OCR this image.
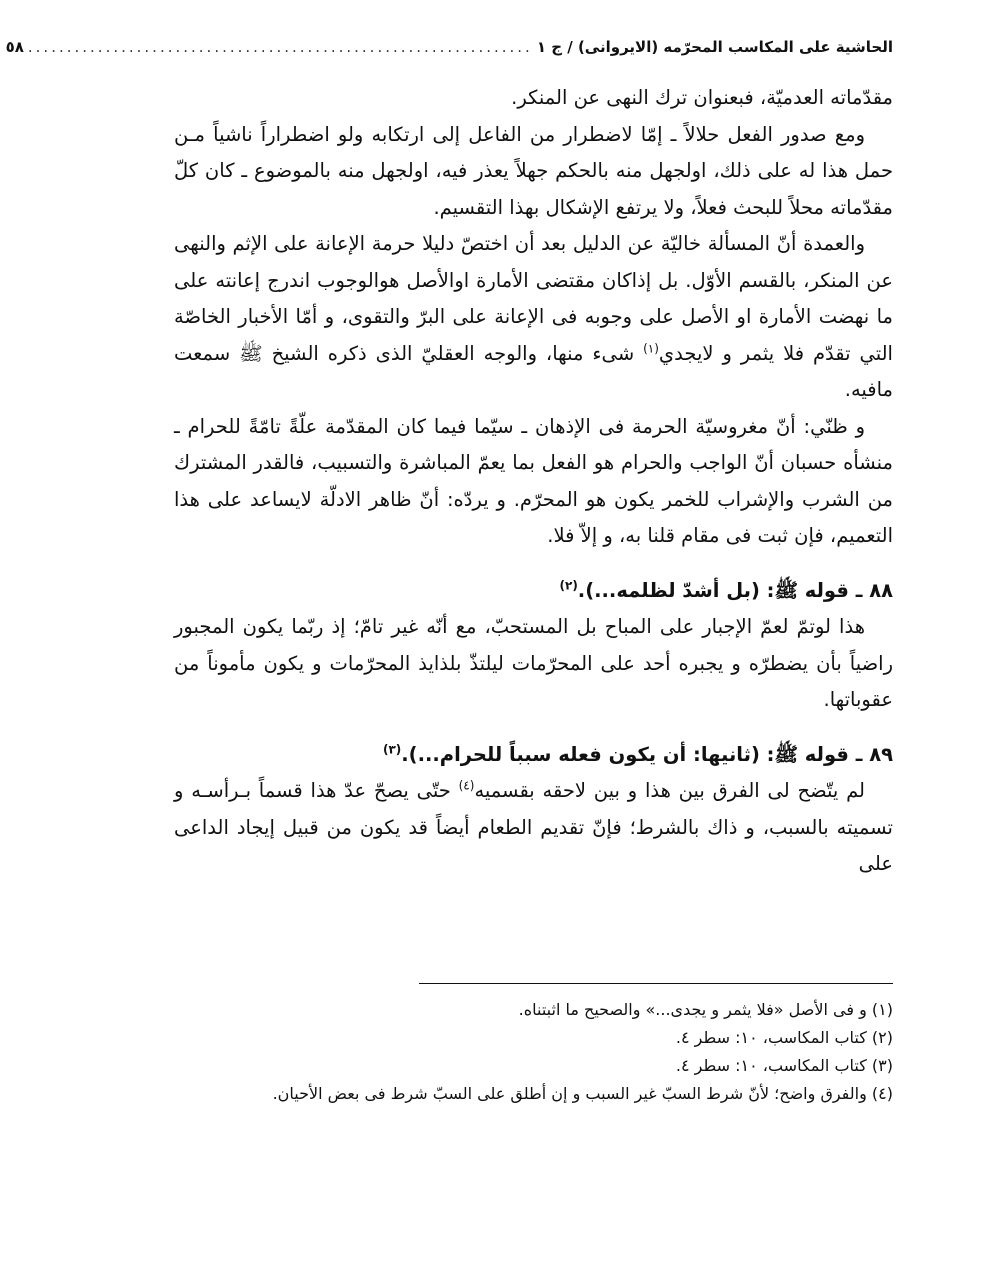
الحاشية على المكاسب المحرّمه (الايروانی) / ج ١
.................................................................
٥٨

مقدّماته العدميّة، فبعنوان ترك النهی عن المنكر.

ومع صدور الفعل حلالاً ـ إمّا لاضطرار من الفاعل إلی ارتكابه ولو اضطراراً ناشياً مـن حمل هذا له علی ذلك، اولجهل منه بالحكم جهلاً يعذر فيه، اولجهل منه بالموضوع ـ كان كلّ مقدّماته محلاً للبحث فعلاً، ولا يرتفع الإشكال بهذا التقسيم.

والعمدة أنّ المسألة خاليّة عن الدليل بعد أن اختصّ دليلا حرمة الإعانة علی الإثم والنهی عن المنكر، بالقسم الأوّل. بل إذاكان مقتضی الأمارة اوالأصل هوالوجوب اندرج إعانته علی ما نهضت الأمارة او الأصل علی وجوبه فی الإعانة علی البرّ والتقوی، و أمّا الأخبار الخاصّة التي تقدّم فلا يثمر و لايجدي$^{(١)}$ شیء منها، والوجه العقليّ الذی ذكره الشيخ ﷺ سمعت مافيه.

و ظنّي: أنّ مغروسيّة الحرمة فی الإذهان ـ سيّما فيما كان المقدّمة علّةً تامّةً للحرام ـ منشأه حسبان أنّ الواجب والحرام هو الفعل بما يعمّ المباشرة والتسبيب، فالقدر المشترك من الشرب والإشراب للخمر يكون هو المحرّم. و يردّه: أنّ ظاهر الادلّة لايساعد علی هذا التعميم، فإن ثبت فی مقام قلنا به، و إلاّ فلا.

٨٨ ـ قوله ﷺ: (بل أشدّ لظلمه...).$^{(٢)}$

هذا لوتمّ لعمّ الإجبار علی المباح بل المستحبّ، مع أنّه غير تامّ؛ إذ ربّما يكون المجبور راضياً بأن يضطرّه و يجبره أحد علی المحرّمات ليلتذّ بلذايذ المحرّمات و يكون مأموناً من عقوباتها.

٨٩ ـ قوله ﷺ: (ثانيها: أن يكون فعله سبباً للحرام...).$^{(٣)}$

لم يتّضح لی الفرق بين هذا و بين لاحقه بقسميه$^{(٤)}$ حتّی يصحّ عدّ هذا قسماً بـرأسـه و تسميته بالسبب، و ذاك بالشرط؛ فإنّ تقديم الطعام أيضاً قد يكون من قبيل إيجاد الداعی علی

(١) و فی الأصل «فلا يثمر و يجدی...» والصحيح ما اثبتناه.

(٢) كتاب المكاسب، ١٠: سطر ٤.

(٣) كتاب المكاسب، ١٠: سطر ٤.

(٤) والفرق واضح؛ لأنّ شرط السبّ غير السبب و إن أطلق علی السبّ شرط فی بعض الأحيان.
